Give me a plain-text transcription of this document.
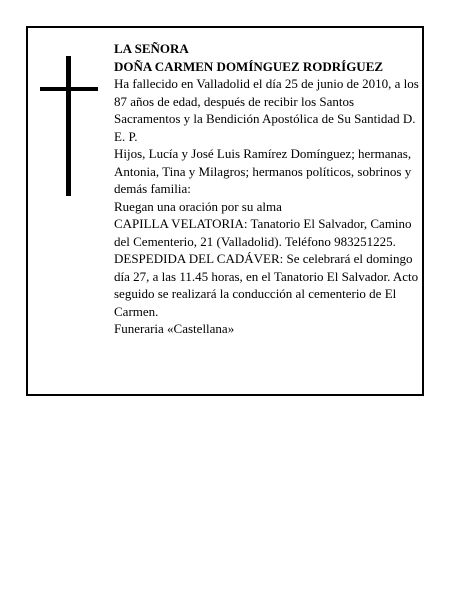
LA SEÑORA

DOÑA CARMEN DOMÍNGUEZ RODRÍGUEZ

Ha fallecido en Valladolid el día 25 de junio de 2010, a los 87 años de edad, después de recibir los Santos Sacramentos y la Bendición Apostólica de Su Santidad D. E. P.

Hijos, Lucía y José Luis Ramírez Domínguez; hermanas, Antonia, Tina y Milagros; hermanos políticos, sobrinos y demás familia:

Ruegan una oración por su alma

CAPILLA VELATORIA: Tanatorio El Salvador, Camino del Cementerio, 21 (Valladolid). Teléfono 983251225.

DESPEDIDA DEL CADÁVER: Se celebrará el domingo día 27, a las 11.45 horas, en el Tanatorio El Salvador. Acto seguido se realizará la conducción al cementerio de El Carmen.

Funeraria «Castellana»
